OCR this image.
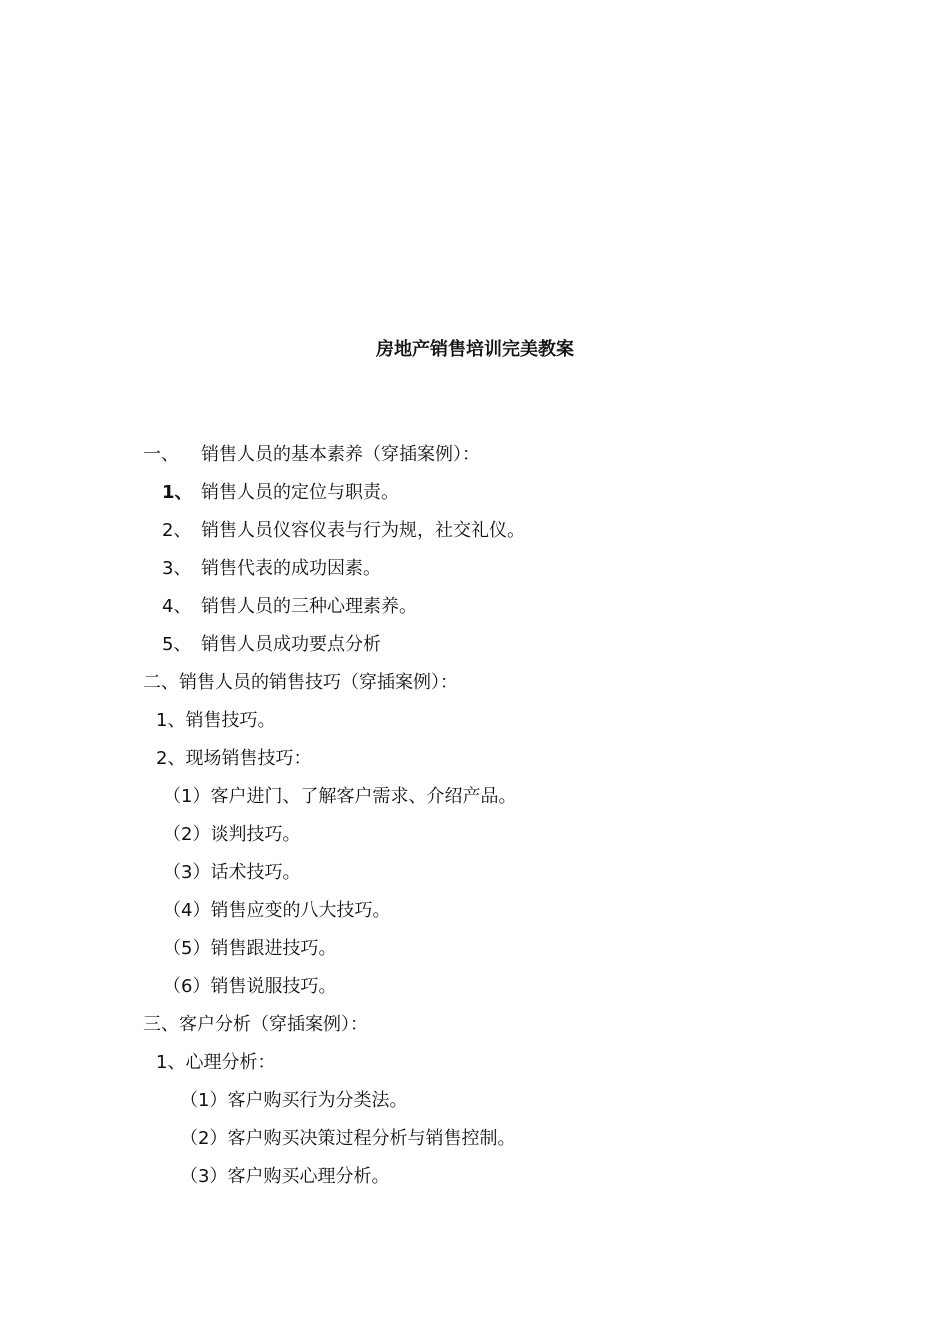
房地产销售培训完美教案
一、 销售人员的基本素养（穿插案例）：
1、 销售人员的定位与职责。
2、 销售人员仪容仪表与行为规，社交礼仪。
3、 销售代表的成功因素。
4、 销售人员的三种心理素养。
5、 销售人员成功要点分析
二、销售人员的销售技巧（穿插案例）：
1、销售技巧。
2、现场销售技巧：
（1）客户进门、了解客户需求、介绍产品。
（2）谈判技巧。
（3）话术技巧。
（4）销售应变的八大技巧。
（5）销售跟进技巧。
（6）销售说服技巧。
三、客户分析（穿插案例）：
1、心理分析：
（1）客户购买行为分类法。
（2）客户购买决策过程分析与销售控制。
（3）客户购买心理分析。
